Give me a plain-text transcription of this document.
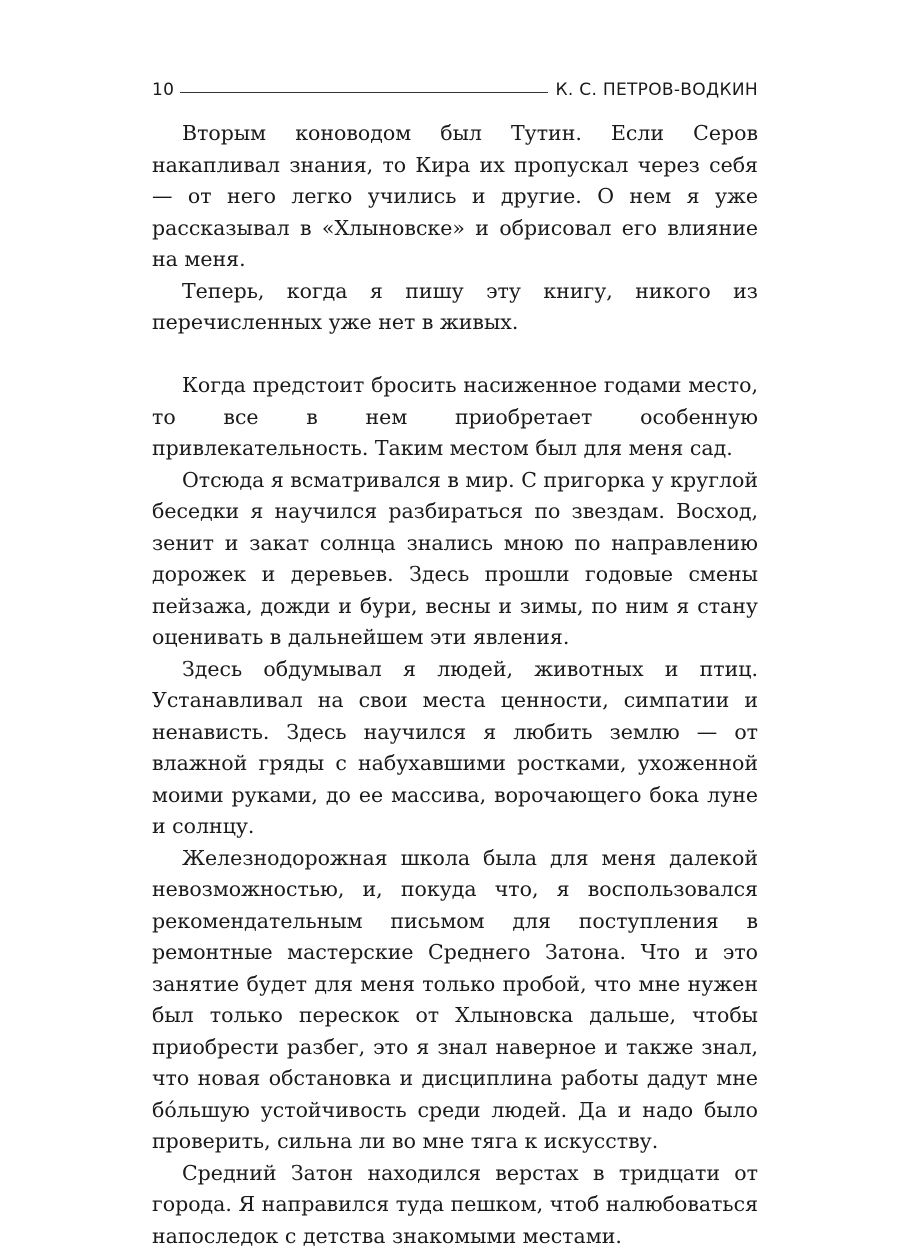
10	К. С. ПЕТРОВ-ВОДКИН

Вторым коноводом был Тутин. Если Серов накапливал знания, то Кира их пропускал через себя — от него легко учились и другие. О нем я уже рассказывал в «Хлыновске» и обрисовал его влияние на меня.

Теперь, когда я пишу эту книгу, никого из перечисленных уже нет в живых.

Когда предстоит бросить насиженное годами место, то все в нем приобретает особенную привлекательность. Таким местом был для меня сад.

Отсюда я всматривался в мир. С пригорка у круглой беседки я научился разбираться по звездам. Восход, зенит и закат солнца знались мною по направлению дорожек и деревьев. Здесь прошли годовые смены пейзажа, дожди и бури, весны и зимы, по ним я стану оценивать в дальнейшем эти явления.

Здесь обдумывал я людей, животных и птиц. Устанавливал на свои места ценности, симпатии и ненависть. Здесь научился я любить землю — от влажной гряды с набухавшими ростками, ухоженной моими руками, до ее массива, ворочающего бока луне и солнцу.

Железнодорожная школа была для меня далекой невозможностью, и, покуда что, я воспользовался рекомендательным письмом для поступления в ремонтные мастерские Среднего Затона. Что и это занятие будет для меня только пробой, что мне нужен был только перескок от Хлыновска дальше, чтобы приобрести разбег, это я знал наверное и также знал, что новая обстановка и дисциплина работы дадут мне бóльшую устойчивость среди людей. Да и надо было проверить, сильна ли во мне тяга к искусству.

Средний Затон находился верстах в тридцати от города. Я направился туда пешком, чтоб налюбоваться напоследок с детства знакомыми местами.
